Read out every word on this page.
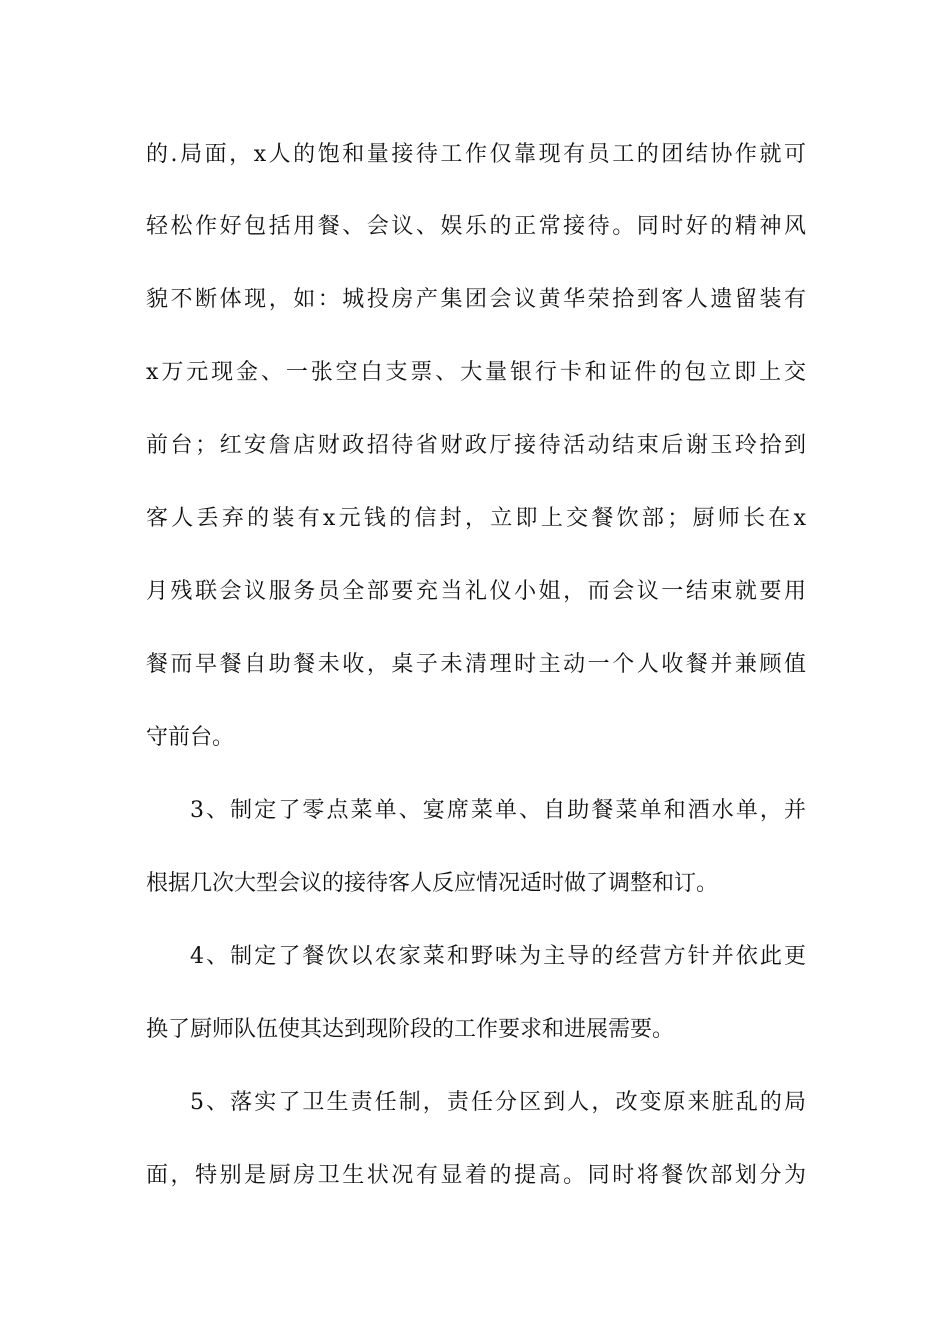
的.局面，x人的饱和量接待工作仅靠现有员工的团结协作就可
轻松作好包括用餐、会议、娱乐的正常接待。同时好的精神风
貌不断体现，如：城投房产集团会议黄华荣拾到客人遗留装有
x万元现金、一张空白支票、大量银行卡和证件的包立即上交
前台；红安詹店财政招待省财政厅接待活动结束后谢玉玲拾到
客人丢弃的装有x元钱的信封，立即上交餐饮部；厨师长在x
月残联会议服务员全部要充当礼仪小姐，而会议一结束就要用
餐而早餐自助餐未收，桌子未清理时主动一个人收餐并兼顾值
守前台。
3、制定了零点菜单、宴席菜单、自助餐菜单和酒水单，并
根据几次大型会议的接待客人反应情况适时做了调整和订。
4、制定了餐饮以农家菜和野味为主导的经营方针并依此更
换了厨师队伍使其达到现阶段的工作要求和进展需要。
5、落实了卫生责任制，责任分区到人，改变原来脏乱的局
面，特别是厨房卫生状况有显着的提高。同时将餐饮部划分为
